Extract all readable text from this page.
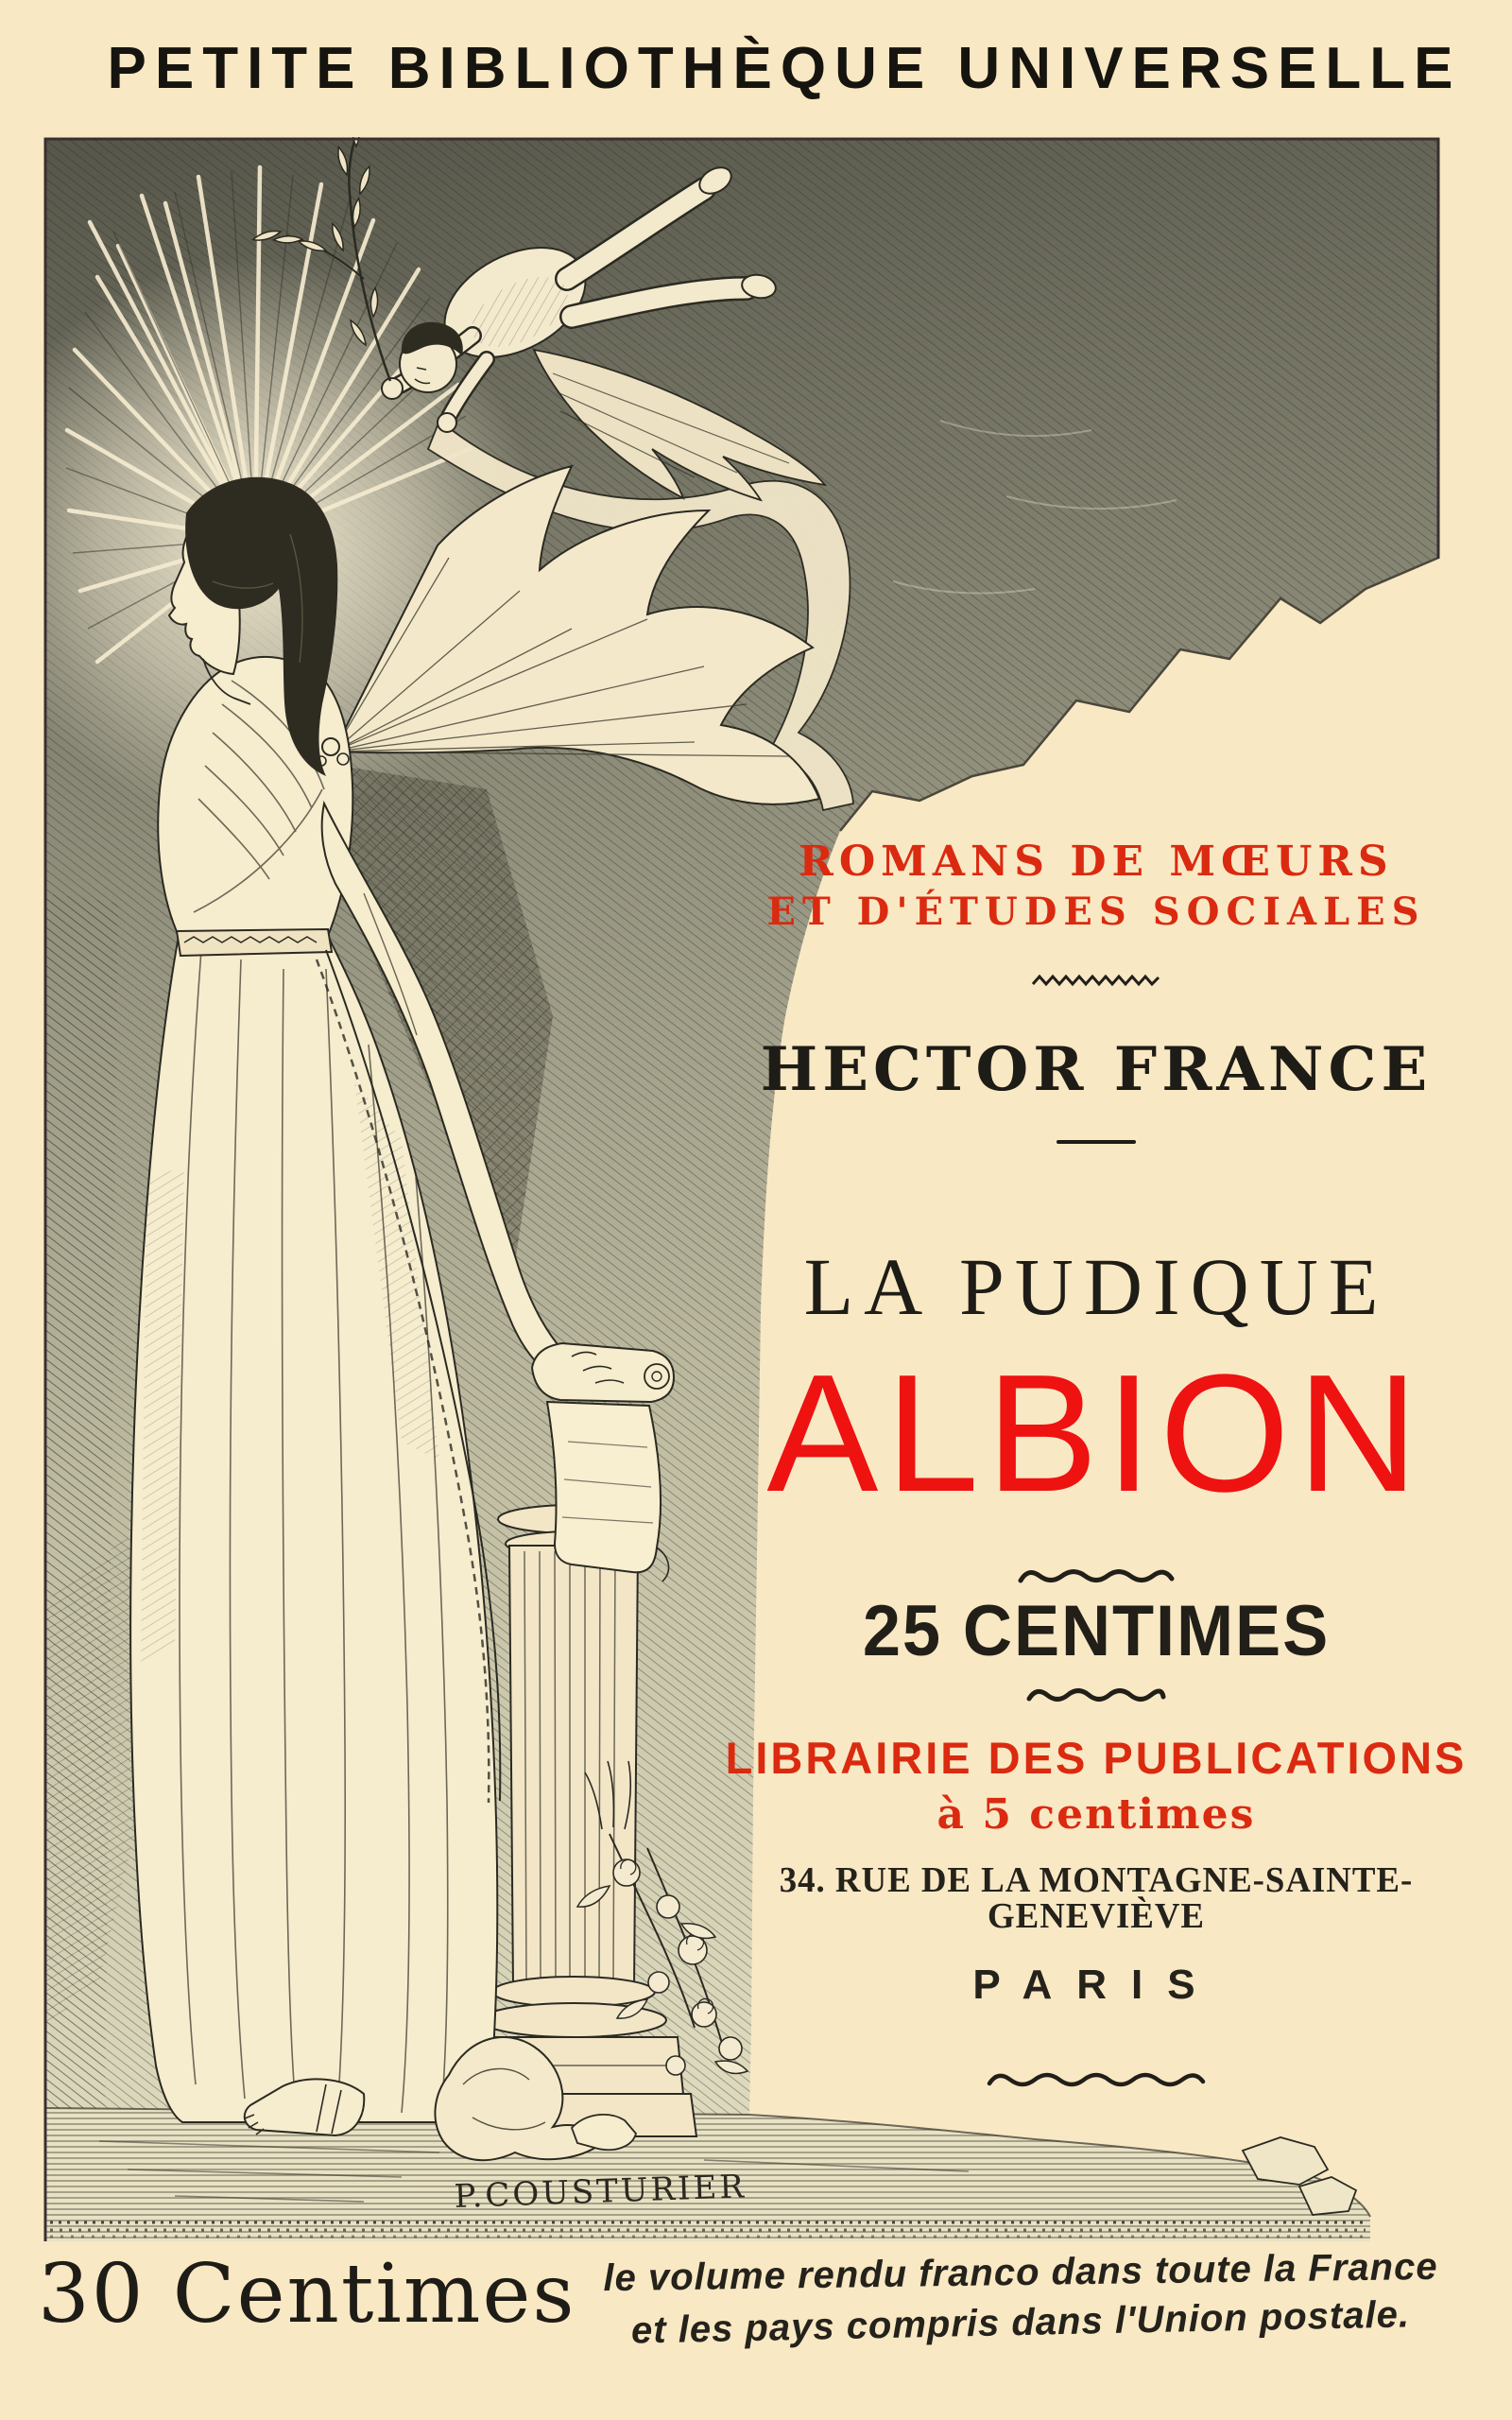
PETITE BIBLIOTHÈQUE UNIVERSELLE
P.COUSTURIER
ROMANS DE MŒURS
ET D'ÉTUDES SOCIALES
HECTOR FRANCE
LA PUDIQUE
ALBION
25 CENTIMES
LIBRAIRIE DES PUBLICATIONS
à 5 centimes
34. RUE DE LA MONTAGNE-SAINTE-GENEVIÈVE
PARIS
30 Centimes le volume rendu franco dans toute la France
et les pays compris dans l'Union postale.
